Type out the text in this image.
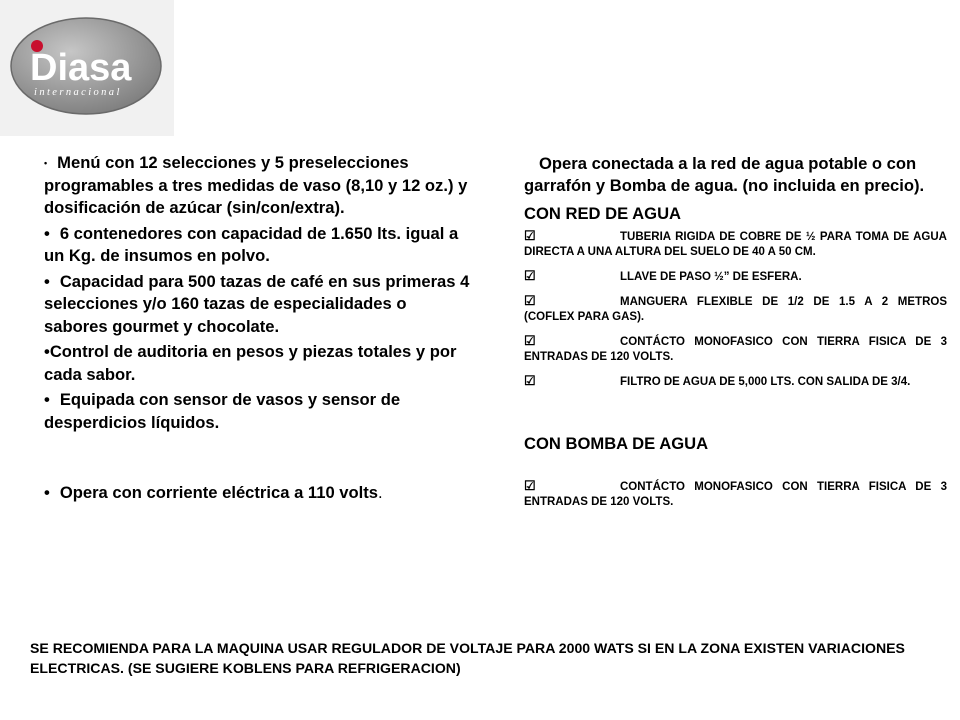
Diasa
internacional

• Menú con 12 selecciones y 5 preselecciones programables a tres medidas de vaso (8,10 y 12 oz.) y dosificación de azúcar (sin/con/extra).

• 6 contenedores con capacidad de 1.650 lts. igual a un Kg. de insumos en polvo.

• Capacidad para 500 tazas de café en sus primeras 4 selecciones y/o 160 tazas de especialidades o sabores gourmet y chocolate.

•Control de auditoria en pesos y piezas totales y por cada sabor.

• Equipada con sensor de vasos y sensor de desperdicios líquidos.

• Opera con corriente eléctrica a 110 volts.

Opera conectada a la red de agua potable o con garrafón y Bomba de agua. (no incluida en precio).

CON RED DE AGUA

☑	TUBERIA RIGIDA DE COBRE DE ½ PARA TOMA DE AGUA DIRECTA A UNA ALTURA DEL SUELO DE 40 A 50 CM.

☑	LLAVE DE PASO ½” DE ESFERA.

☑	MANGUERA FLEXIBLE DE 1/2 DE 1.5 A 2 METROS (COFLEX PARA GAS).

☑	CONTÁCTO MONOFASICO CON TIERRA FISICA DE 3 ENTRADAS DE 120 VOLTS.

☑	FILTRO DE AGUA DE 5,000 LTS. CON SALIDA DE 3/4.

CON BOMBA DE AGUA

☑	CONTÁCTO MONOFASICO CON TIERRA FISICA DE 3 ENTRADAS DE 120 VOLTS.

SE RECOMIENDA PARA LA MAQUINA USAR REGULADOR DE VOLTAJE PARA 2000 WATS SI EN LA ZONA EXISTEN VARIACIONES ELECTRICAS. (SE SUGIERE KOBLENS PARA REFRIGERACION)
